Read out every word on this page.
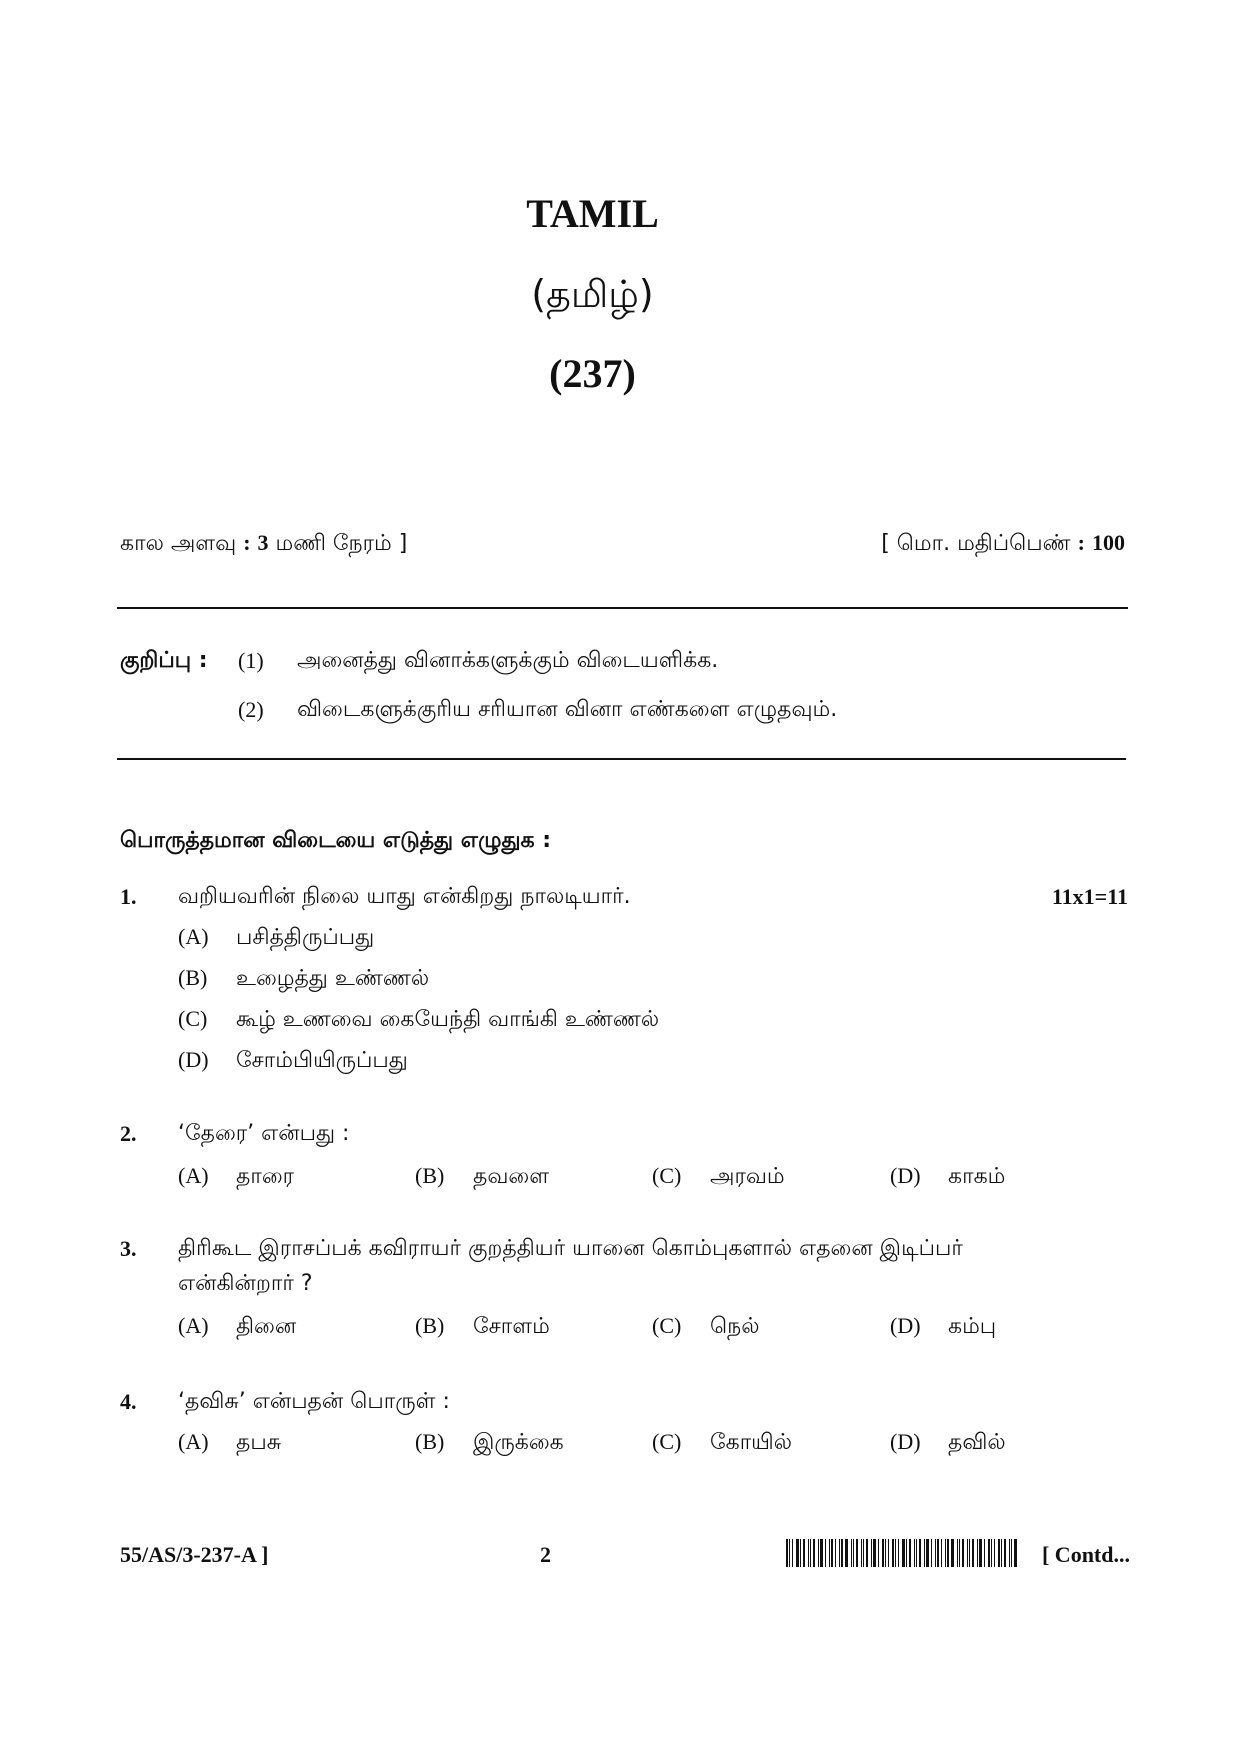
TAMIL
(தமிழ்)
(237)
கால அளவு : 3 மணி நேரம் ]	[ மொ. மதிப்பெண் : 100
குறிப்பு : (1) அனைத்து வினாக்களுக்கும் விடையளிக்க.
(2) விடைகளுக்குரிய சரியான வினா எண்களை எழுதவும்.
பொருத்தமான விடையை எடுத்து எழுதுக :
1. வறியவரின் நிலை யாது என்கிறது நாலடியார்.	11x1=11
(A) பசித்திருப்பது
(B) உழைத்து உண்ணல்
(C) கூழ் உணவை கையேந்தி வாங்கி உண்ணல்
(D) சோம்பியிருப்பது
2. ‘தேரை’ என்பது :
(A) தாரை	(B) தவளை	(C) அரவம்	(D) காகம்
3. திரிகூட இராசப்பக் கவிராயர் குறத்தியர் யானை கொம்புகளால் எதனை இடிப்பர்
என்கின்றார் ?
(A) தினை	(B) சோளம்	(C) நெல்	(D) கம்பு
4. ‘தவிசு’ என்பதன் பொருள் :
(A) தபசு	(B) இருக்கை	(C) கோயில்	(D) தவில்
55/AS/3-237-A ]	2	[ Contd...
